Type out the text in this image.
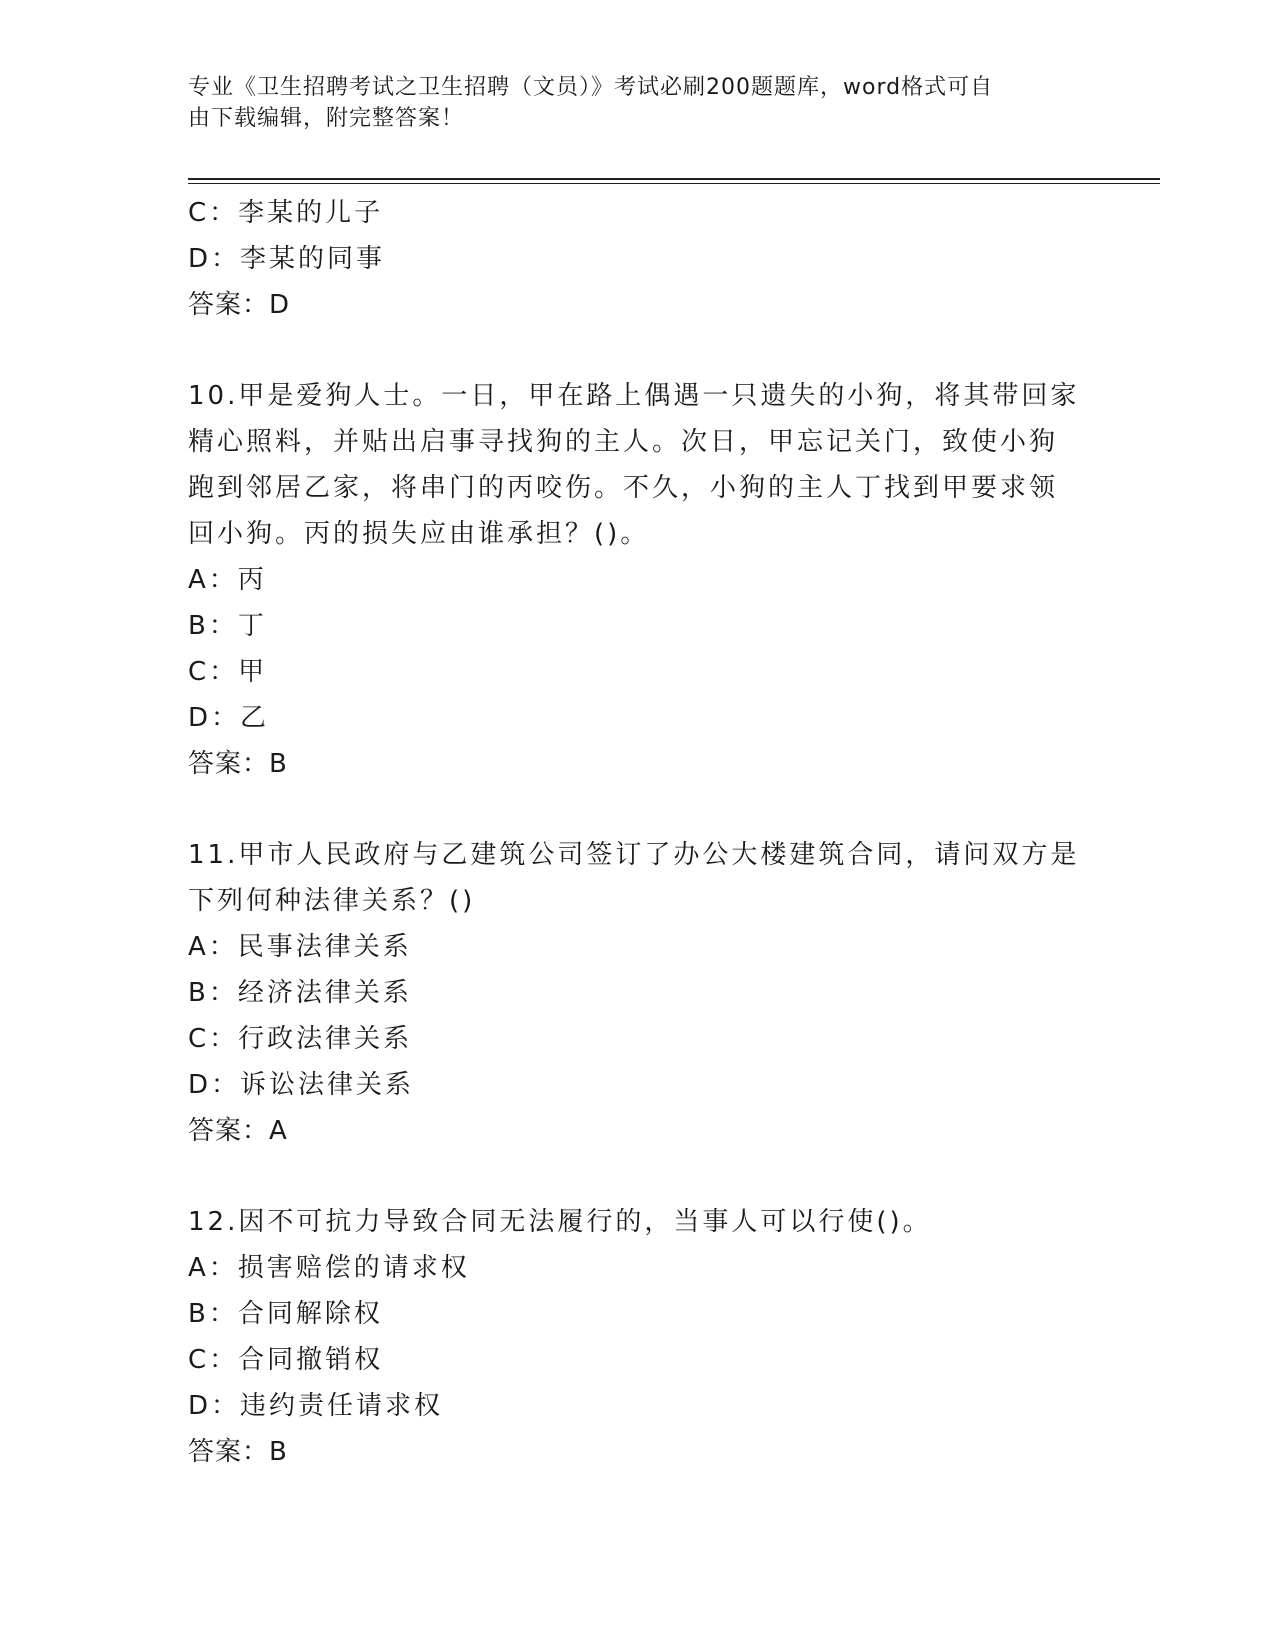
专业《卫生招聘考试之卫生招聘（文员）》考试必刷200题题库，word格式可自
由下载编辑，附完整答案！
C：李某的儿子
D：李某的同事
答案：D
10.甲是爱狗人士。一日，甲在路上偶遇一只遗失的小狗，将其带回家
精心照料，并贴出启事寻找狗的主人。次日，甲忘记关门，致使小狗
跑到邻居乙家，将串门的丙咬伤。不久，小狗的主人丁找到甲要求领
回小狗。丙的损失应由谁承担？()。
A：丙
B：丁
C：甲
D：乙
答案：B
11.甲市人民政府与乙建筑公司签订了办公大楼建筑合同，请问双方是
下列何种法律关系？()
A：民事法律关系
B：经济法律关系
C：行政法律关系
D：诉讼法律关系
答案：A
12.因不可抗力导致合同无法履行的，当事人可以行使()。
A：损害赔偿的请求权
B：合同解除权
C：合同撤销权
D：违约责任请求权
答案：B
